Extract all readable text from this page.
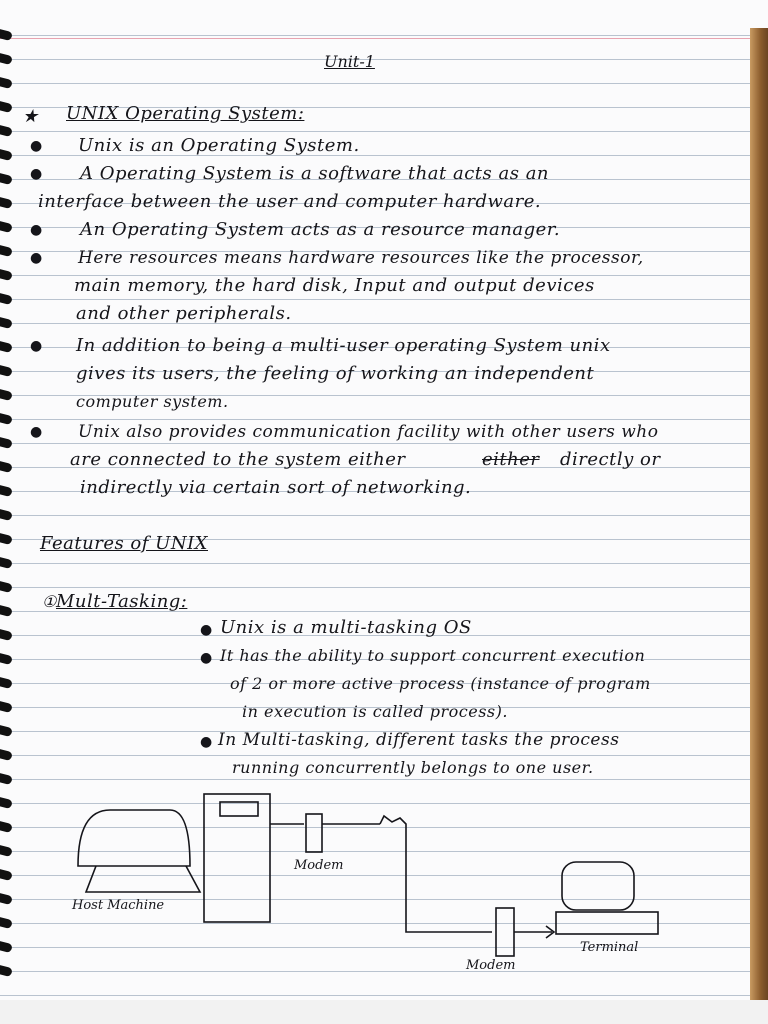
Unit-1
★ UNIX Operating System:
● Unix is an Operating System.
● A Operating System is a software that acts as an
interface between the user and computer hardware.
● An Operating System acts as a resource manager.
● Here resources means hardware resources like the processor,
main memory, the hard disk, Input and output devices
and other peripherals.
● In addition to being a multi-user operating System unix
gives its users, the feeling of working an independent
computer system.
● Unix also provides communication facility with other users who
are connected to the system either	either directly or
indirectly via certain sort of networking.
Features of UNIX
① Mult-Tasking:
● Unix is a multi-tasking OS
● It has the ability to support concurrent execution
of 2 or more active process (instance of program
in execution is called process).
● In Multi-tasking, different tasks the process
running concurrently belongs to one user.
Host Machine
Modem
Modem
Terminal
